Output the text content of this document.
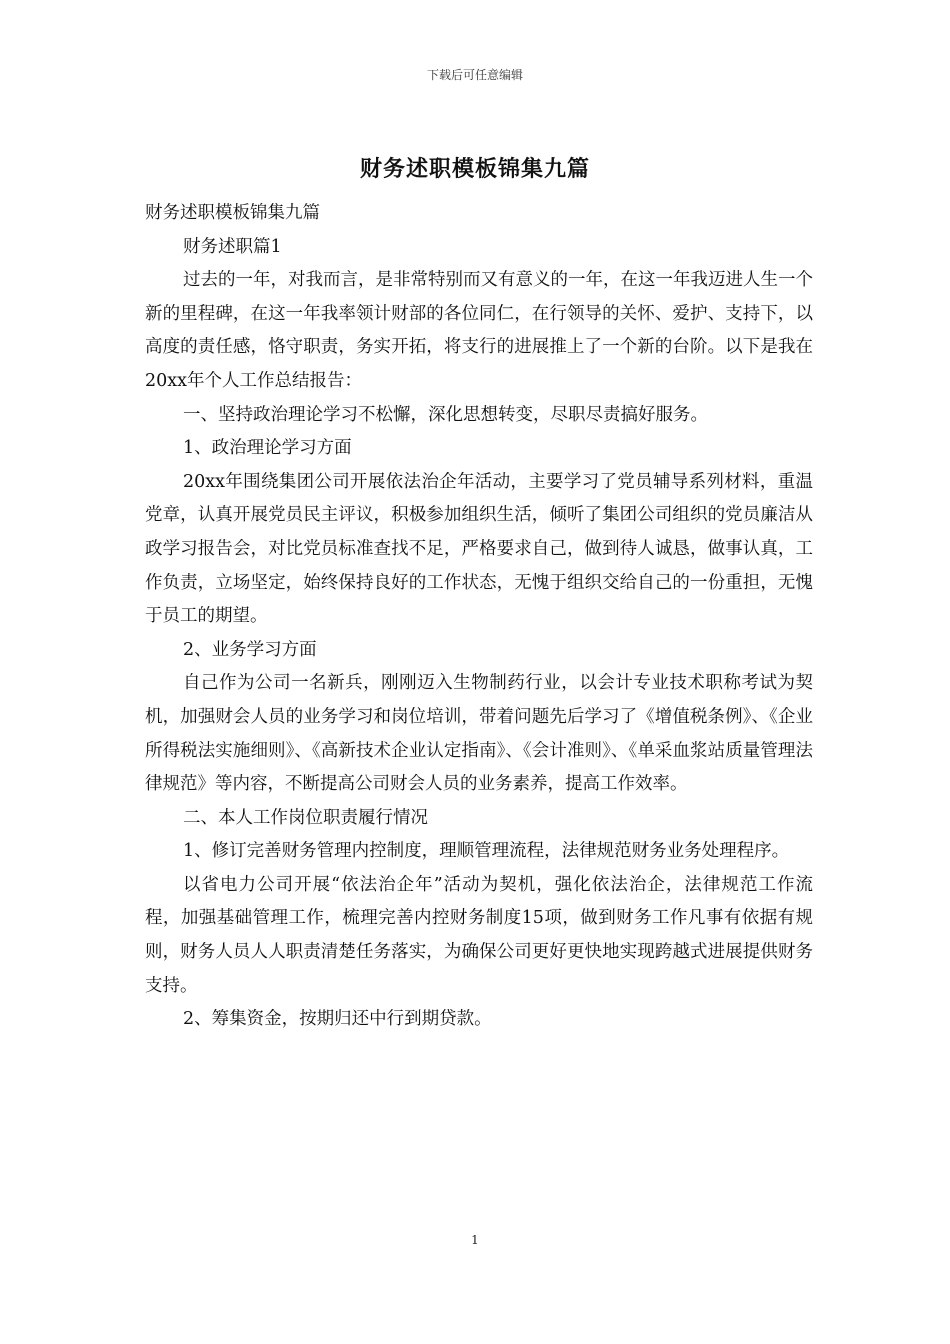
下载后可任意编辑
财务述职模板锦集九篇

财务述职模板锦集九篇

财务述职篇1

过去的一年，对我而言，是非常特别而又有意义的一年，在这一年我迈进人生一个新的里程碑，在这一年我率领计财部的各位同仁，在行领导的关怀、爱护、支持下，以高度的责任感，恪守职责，务实开拓，将支行的进展推上了一个新的台阶。以下是我在20xx年个人工作总结报告：

一、坚持政治理论学习不松懈，深化思想转变，尽职尽责搞好服务。

1、政治理论学习方面

20xx年围绕集团公司开展依法治企年活动，主要学习了党员辅导系列材料，重温党章，认真开展党员民主评议，积极参加组织生活，倾听了集团公司组织的党员廉洁从政学习报告会，对比党员标准查找不足，严格要求自己，做到待人诚恳，做事认真，工作负责，立场坚定，始终保持良好的工作状态，无愧于组织交给自己的一份重担，无愧于员工的期望。

2、业务学习方面

自己作为公司一名新兵，刚刚迈入生物制药行业，以会计专业技术职称考试为契机，加强财会人员的业务学习和岗位培训，带着问题先后学习了《增值税条例》、《企业所得税法实施细则》、《高新技术企业认定指南》、《会计准则》、《单采血浆站质量管理法律规范》等内容，不断提高公司财会人员的业务素养，提高工作效率。

二、本人工作岗位职责履行情况

1、修订完善财务管理内控制度，理顺管理流程，法律规范财务业务处理程序。

以省电力公司开展“依法治企年”活动为契机，强化依法治企，法律规范工作流程，加强基础管理工作，梳理完善内控财务制度15项，做到财务工作凡事有依据有规则，财务人员人人职责清楚任务落实，为确保公司更好更快地实现跨越式进展提供财务支持。

2、筹集资金，按期归还中行到期贷款。

1
